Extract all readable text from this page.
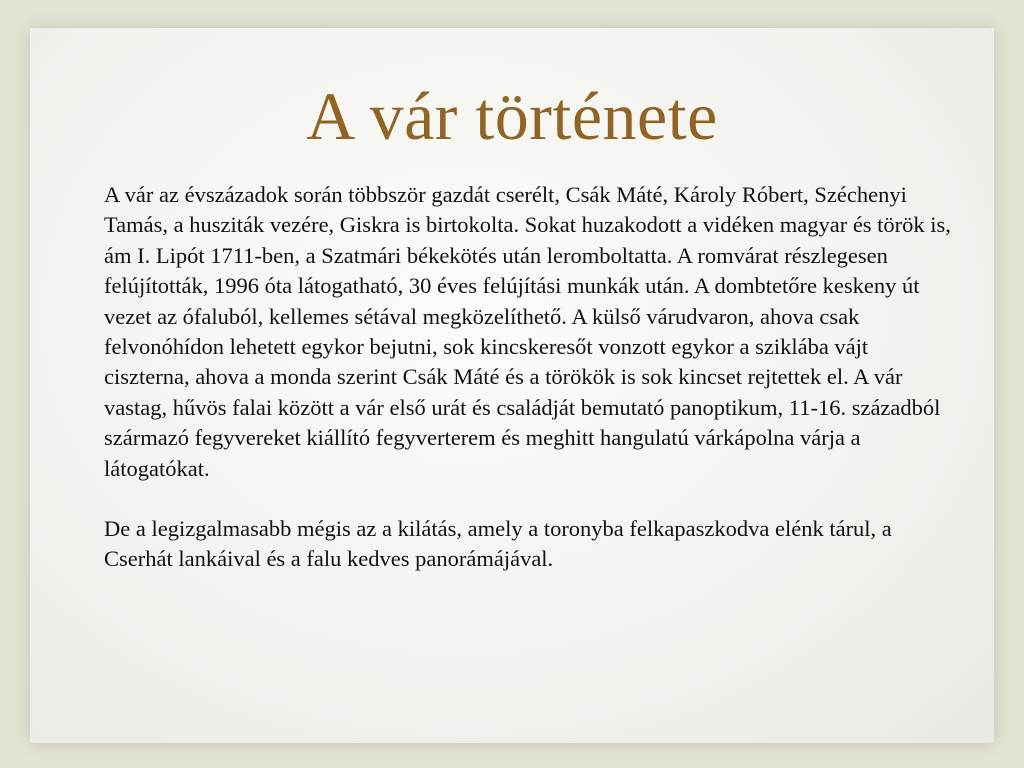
A vár története

A vár az évszázadok során többször gazdát cserélt, Csák Máté, Károly Róbert, Széchenyi Tamás, a husziták vezére, Giskra is birtokolta. Sokat huzakodott a vidéken magyar és török is, ám I. Lipót 1711-ben, a Szatmári békekötés után leromboltatta. A romvárat részlegesen felújították, 1996 óta látogatható, 30 éves felújítási munkák után. A dombtetőre keskeny út vezet az ófaluból, kellemes sétával megközelíthető. A külső várudvaron, ahova csak felvonóhídon lehetett egykor bejutni, sok kincskeresőt vonzott egykor a sziklába vájt ciszterna, ahova a monda szerint Csák Máté és a törökök is sok kincset rejtettek el. A vár vastag, hűvös falai között a vár első urát és családját bemutató panoptikum, 11-16. századból származó fegyvereket kiállító fegyverterem és meghitt hangulatú várkápolna várja a látogatókat.

De a legizgalmasabb mégis az a kilátás, amely a toronyba felkapaszkodva elénk tárul, a Cserhát lankáival és a falu kedves panorámájával.
